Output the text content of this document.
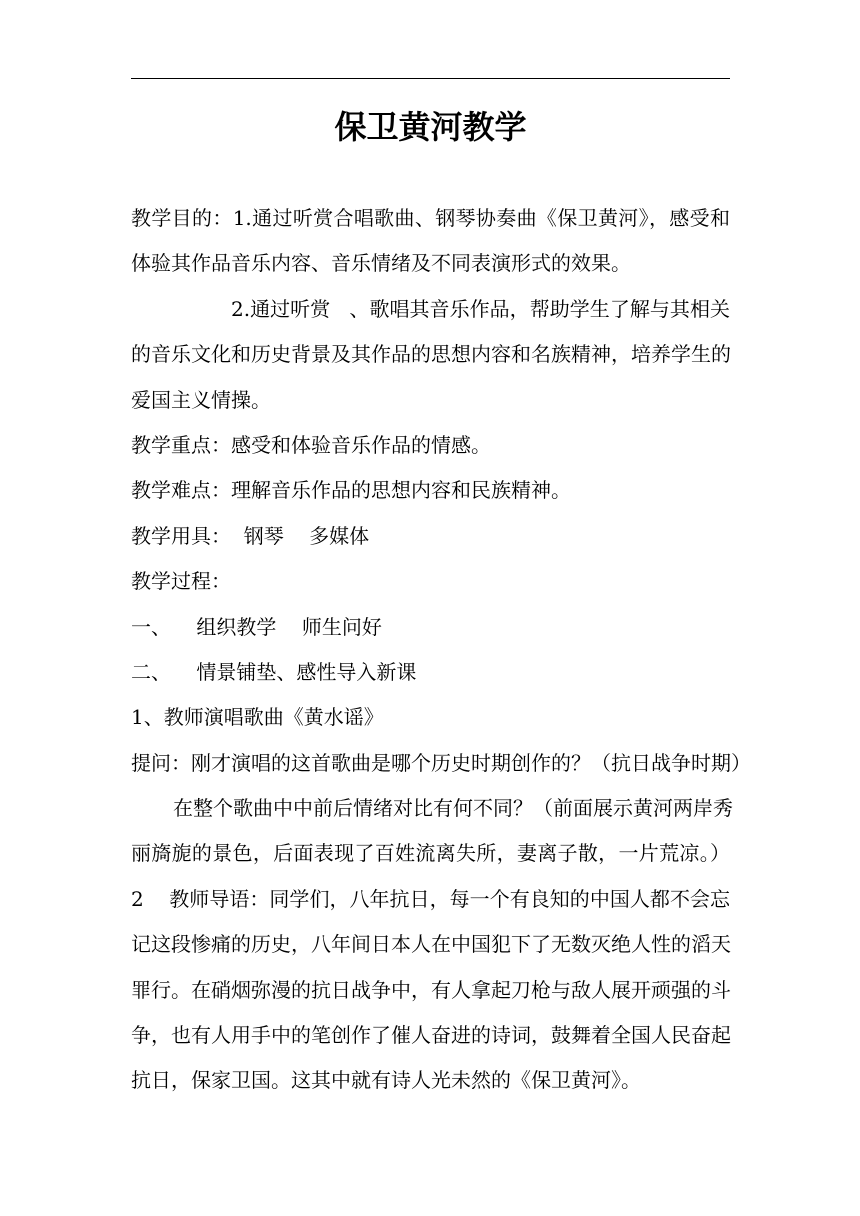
保卫黄河教学
教学目的：1.通过听赏合唱歌曲、钢琴协奏曲《保卫黄河》，感受和
体验其作品音乐内容、音乐情绪及不同表演形式的效果。
2.通过听赏   、歌唱其音乐作品，帮助学生了解与其相关
的音乐文化和历史背景及其作品的思想内容和名族精神，培养学生的
爱国主义情操。
教学重点：感受和体验音乐作品的情感。
教学难点：理解音乐作品的思想内容和民族精神。
教学用具：  钢琴    多媒体
教学过程：
一、    组织教学    师生问好
二、    情景铺垫、感性导入新课
1、教师演唱歌曲《黄水谣》
提问：刚才演唱的这首歌曲是哪个历史时期创作的？（抗日战争时期）
在整个歌曲中中前后情绪对比有何不同？（前面展示黄河两岸秀
丽旖旎的景色，后面表现了百姓流离失所，妻离子散，一片荒凉。）
2    教师导语：同学们，八年抗日，每一个有良知的中国人都不会忘
记这段惨痛的历史，八年间日本人在中国犯下了无数灭绝人性的滔天
罪行。在硝烟弥漫的抗日战争中，有人拿起刀枪与敌人展开顽强的斗
争，也有人用手中的笔创作了催人奋进的诗词，鼓舞着全国人民奋起
抗日，保家卫国。这其中就有诗人光未然的《保卫黄河》。
